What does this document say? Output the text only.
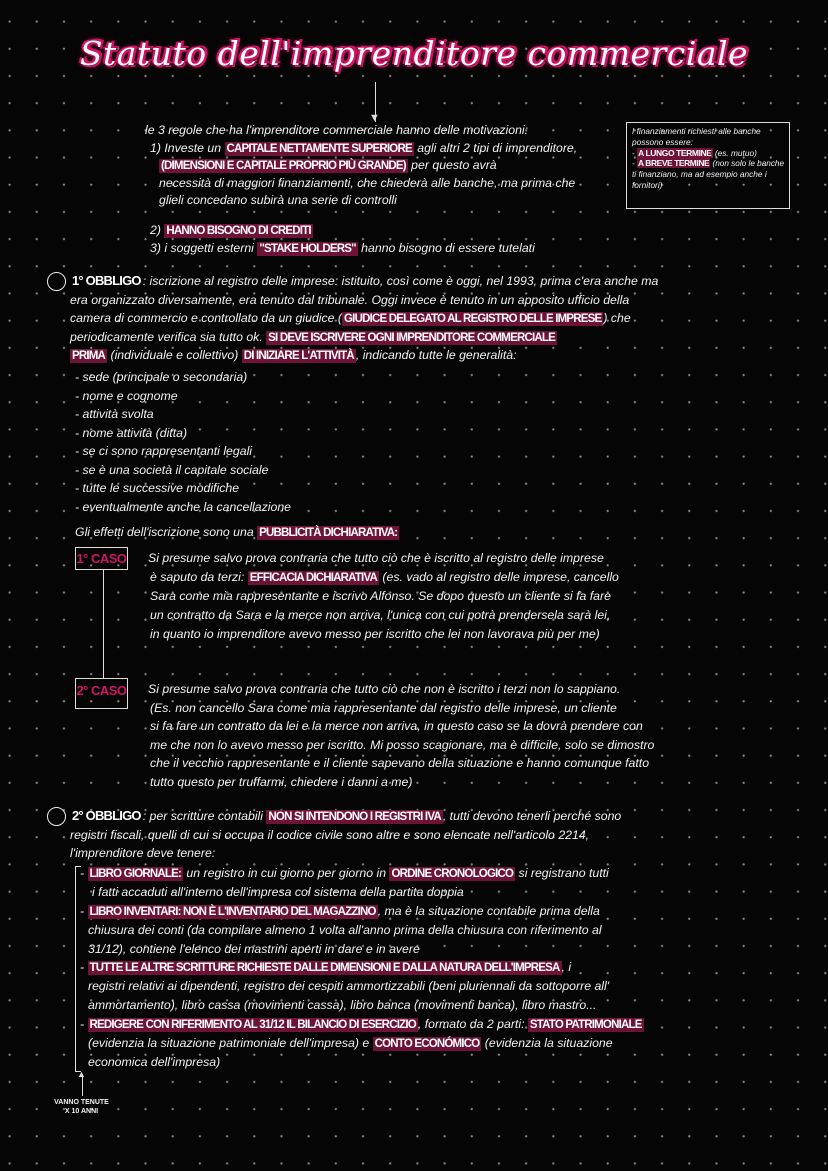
Statuto dell'imprenditore commerciale
▼
le 3 regole che ha l'imprenditore commerciale hanno delle motivazioni:
1) Investe un CAPITALE NETTAMENTE SUPERIORE agli altri 2 tipi di imprenditore,
(DIMENSIONI E CAPITALE PROPRIO PIÙ GRANDE) per questo avrà
necessità di maggiori finanziamenti, che chiederà alle banche, ma prima che
glieli concedano subirà una serie di controlli
2) HANNO BISOGNO DI CREDITI
3) i soggetti esterni "STAKE HOLDERS" hanno bisogno di essere tutelati
I finanziamenti richiesti alle banche
possono essere:
- A LUNGO TERMINE (es. mutuo)
- A BREVE TERMINE (non solo le banche
ti finanziano, ma ad esempio anche i
fornitori)
1° OBBLIGO : iscrizione al registro delle imprese: istituito, così come è oggi, nel 1993, prima c'era anche ma
era organizzato diversamente, era tenuto dal tribunale. Oggi invece è tenuto in un apposito ufficio della
camera di commercio e controllato da un giudice ( GIUDICE DELEGATO AL REGISTRO DELLE IMPRESE ) che
periodicamente verifica sia tutto ok. SI DEVE ISCRIVERE OGNI IMPRENDITORE COMMERCIALE
PRIMA (individuale e collettivo) DI INIZIARE L'ATTIVITÀ , indicando tutte le generalità:
- sede (principale o secondaria)
- nome e cognome
- attività svolta
- nome attività (ditta)
- se ci sono rappresentanti legali
- se è una società il capitale sociale
- tutte le successive modifiche
- eventualmente anche la cancellazione
Gli effetti dell'iscrizione sono una PUBBLICITÀ DICHIARATIVA:
1° CASO Si presume salvo prova contraria che tutto ciò che è iscritto al registro delle imprese
è saputo da terzi: EFFICACIA DICHIARATIVA (es. vado al registro delle imprese, cancello
Sara come mia rappresentante e iscrivo Alfonso. Se dopo questo un cliente si fa fare
un contratto da Sara e la merce non arriva, l'unica con cui potrà prendersela sarà lei,
in quanto io imprenditore avevo messo per iscritto che lei non lavorava più per me)
2° CASO Si presume salvo prova contraria che tutto ciò che non è iscritto i terzi non lo sappiano.
(Es. non cancello Sara come mia rappresentante dal registro delle imprese, un cliente
si fa fare un contratto da lei e la merce non arriva, in questo caso se la dovrà prendere con
me che non lo avevo messo per iscritto. Mi posso scagionare, ma è difficile, solo se dimostro
che il vecchio rappresentante e il cliente sapevano della situazione e hanno comunque fatto
tutto questo per truffarmi, chiedere i danni a me)
2° OBBLIGO : per scritture contabili NON SI INTENDONO I REGISTRI IVA , tutti devono tenerli perché sono
registri fiscali, quelli di cui si occupa il codice civile sono altre e sono elencate nell'articolo 2214,
l'imprenditore deve tenere:
- LIBRO GIORNALE: un registro in cui giorno per giorno in ORDINE CRONOLOGICO si registrano tutti
i fatti accaduti all'interno dell'impresa col sistema della partita doppia
- LIBRO INVENTARI: NON È L'INVENTARIO DEL MAGAZZINO , ma è la situazione contabile prima della
chiusura dei conti (da compilare almeno 1 volta all'anno prima della chiusura con riferimento al
31/12), contiene l'elenco dei mastrini aperti in dare e in avere
- TUTTE LE ALTRE SCRITTURE RICHIESTE DALLE DIMENSIONI E DALLA NATURA DELL'IMPRESA , i
registri relativi ai dipendenti, registro dei cespiti ammortizzabili (beni pluriennali da sottoporre all'
ammortamento), libro cassa (movimenti cassa), libro banca (movimenti banca), libro mastro...
- REDIGERE CON RIFERIMENTO AL 31/12 IL BILANCIO DI ESERCIZIO , formato da 2 parti: STATO PATRIMONIALE
(evidenzia la situazione patrimoniale dell'impresa) e CONTO ECONÓMICO (evidenzia la situazione
economica dell'impresa)
▲
VANNO TENUTE X 10 ANNI
